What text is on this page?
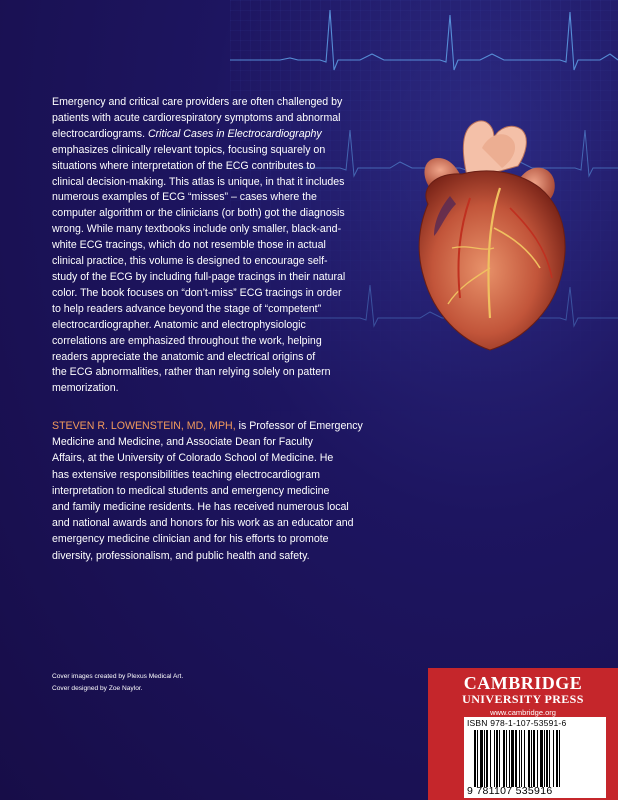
Emergency and critical care providers are often challenged by
patients with acute cardiorespiratory symptoms and abnormal
electrocardiograms. Critical Cases in Electrocardiography
emphasizes clinically relevant topics, focusing squarely on
situations where interpretation of the ECG contributes to
clinical decision-making. This atlas is unique, in that it includes
numerous examples of ECG “misses” – cases where the
computer algorithm or the clinicians (or both) got the diagnosis
wrong. While many textbooks include only smaller, black-and-
white ECG tracings, which do not resemble those in actual
clinical practice, this volume is designed to encourage self-
study of the ECG by including full-page tracings in their natural
color. The book focuses on “don’t-miss” ECG tracings in order
to help readers advance beyond the stage of “competent”
electrocardiographer. Anatomic and electrophysiologic
correlations are emphasized throughout the work, helping
readers appreciate the anatomic and electrical origins of
the ECG abnormalities, rather than relying solely on pattern
memorization.

STEVEN R. LOWENSTEIN, MD, MPH, is Professor of Emergency
Medicine and Medicine, and Associate Dean for Faculty
Affairs, at the University of Colorado School of Medicine. He
has extensive responsibilities teaching electrocardiogram
interpretation to medical students and emergency medicine
and family medicine residents. He has received numerous local
and national awards and honors for his work as an educator and
emergency medicine clinician and for his efforts to promote
diversity, professionalism, and public health and safety.

Cover images created by Plexus Medical Art.
Cover designed by Zoe Naylor.	CAMBRIDGE
UNIVERSITY PRESS
www.cambridge.org
ISBN 978-1-107-53591-6
9 781107 535916
